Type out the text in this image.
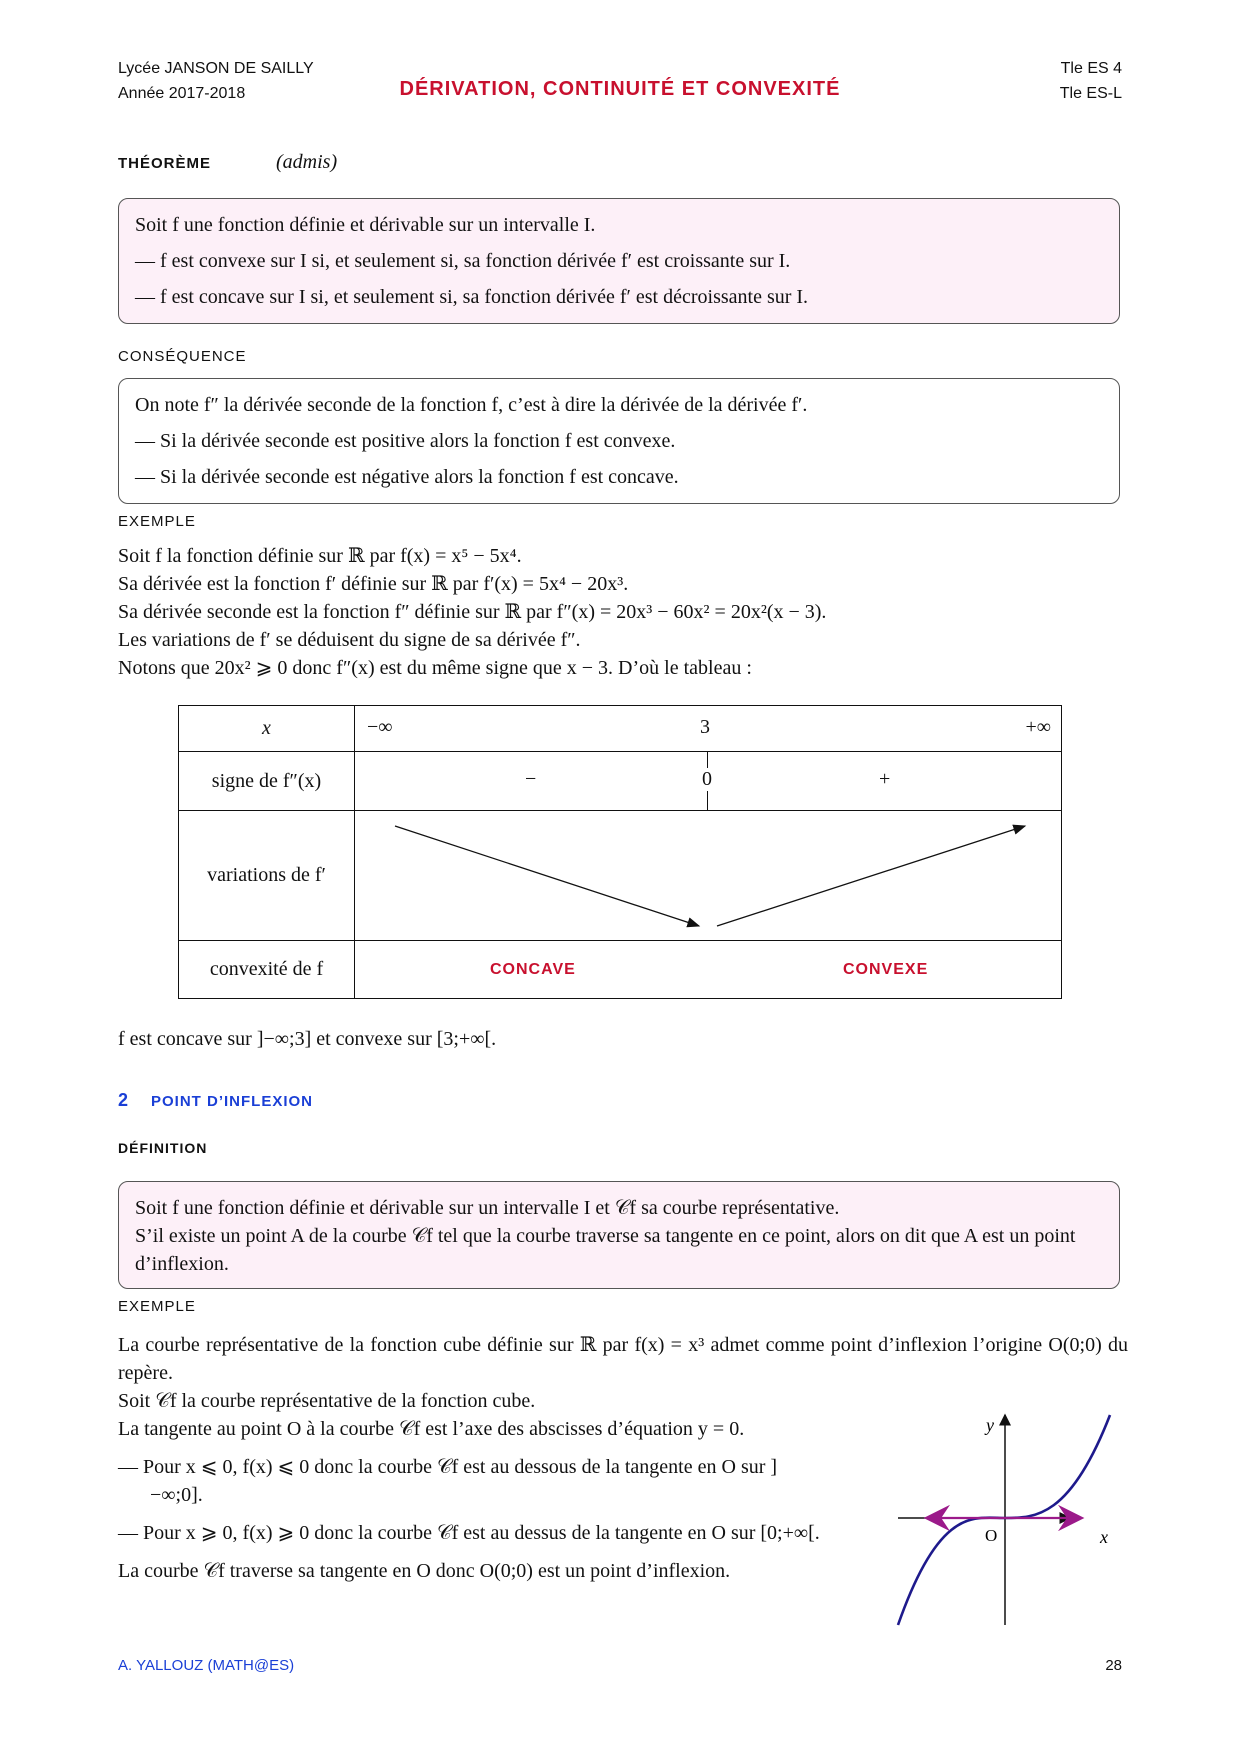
Lycée JANSON DE SAILLY
Année 2017-2018	DÉRIVATION, CONTINUITÉ ET CONVEXITÉ
Tle ES 4
Tle ES-L
THÉORÈME	(admis)
Soit f une fonction définie et dérivable sur un intervalle I.
— f est convexe sur I si, et seulement si, sa fonction dérivée f′ est croissante sur I.
— f est concave sur I si, et seulement si, sa fonction dérivée f′ est décroissante sur I.
CONSÉQUENCE
On note f″ la dérivée seconde de la fonction f, c’est à dire la dérivée de la dérivée f′.
— Si la dérivée seconde est positive alors la fonction f est convexe.
— Si la dérivée seconde est négative alors la fonction f est concave.
EXEMPLE
Soit f la fonction définie sur ℝ par f(x) = x⁵ − 5x⁴.
Sa dérivée est la fonction f′ définie sur ℝ par f′(x) = 5x⁴ − 20x³.
Sa dérivée seconde est la fonction f″ définie sur ℝ par f″(x) = 20x³ − 60x² = 20x²(x − 3).
Les variations de f′ se déduisent du signe de sa dérivée f″.
Notons que 20x² ⩾ 0 donc f″(x) est du même signe que x − 3. D’où le tableau :
x	−∞ 3 +∞

signe de f″(x)	− 0 +

variations de f′	

convexité de f	CONCAVE CONVEXE
f est concave sur ]−∞;3] et convexe sur [3;+∞[.
2 POINT D’INFLEXION
DÉFINITION
Soit f une fonction définie et dérivable sur un intervalle I et 𝒞f sa courbe représentative.
S’il existe un point A de la courbe 𝒞f tel que la courbe traverse sa tangente en ce point, alors on dit que A est un point d’inflexion.
EXEMPLE
La courbe représentative de la fonction cube définie sur ℝ par f(x) = x³ admet comme point d’inflexion l’origine O(0;0) du repère.
Soit 𝒞f la courbe représentative de la fonction cube.
La tangente au point O à la courbe 𝒞f est l’axe des abscisses d’équation y = 0.
— Pour x ⩽ 0, f(x) ⩽ 0 donc la courbe 𝒞f est au dessous de la tangente en O sur ]−∞;0].
— Pour x ⩾ 0, f(x) ⩾ 0 donc la courbe 𝒞f est au dessus de la tangente en O sur [0;+∞[.
La courbe 𝒞f traverse sa tangente en O donc O(0;0) est un point d’inflexion.
y
x
O
A. YALLOUZ (MATH@ES)	28
